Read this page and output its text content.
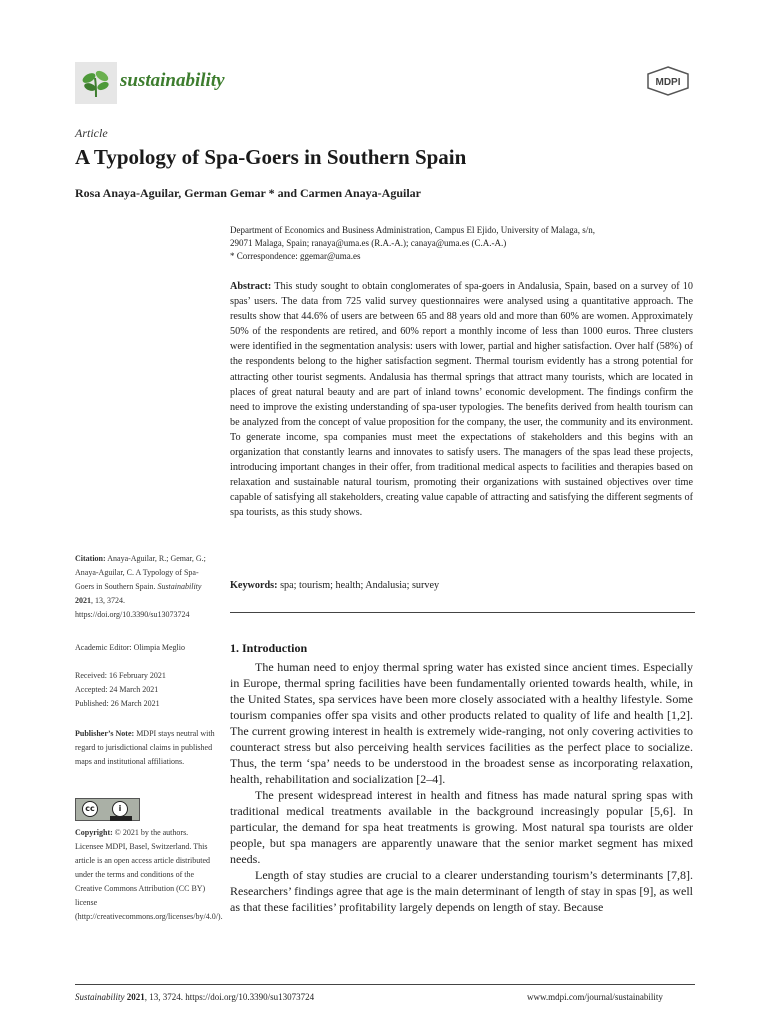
sustainability	MDPI
Article
A Typology of Spa-Goers in Southern Spain
Rosa Anaya-Aguilar, German Gemar * and Carmen Anaya-Aguilar
Department of Economics and Business Administration, Campus El Ejido, University of Malaga, s/n,
29071 Malaga, Spain; ranaya@uma.es (R.A.-A.); canaya@uma.es (C.A.-A.)
* Correspondence: ggemar@uma.es
Abstract: This study sought to obtain conglomerates of spa-goers in Andalusia, Spain, based on a survey of 10 spas’ users. The data from 725 valid survey questionnaires were analysed using a quantitative approach. The results show that 44.6% of users are between 65 and 88 years old and more than 60% are women. Approximately 50% of the respondents are retired, and 60% report a monthly income of less than 1000 euros. Three clusters were identified in the segmentation analysis: users with lower, partial and higher satisfaction. Over half (58%) of the respondents belong to the higher satisfaction segment. Thermal tourism evidently has a strong potential for attracting other tourist segments. Andalusia has thermal springs that attract many tourists, which are located in places of great natural beauty and are part of inland towns’ economic development. The findings confirm the need to improve the existing understanding of spa-user typologies. The benefits derived from health tourism can be analyzed from the concept of value proposition for the company, the user, the community and its environment. To generate income, spa companies must meet the expectations of stakeholders and this begins with an organization that constantly learns and innovates to satisfy users. The managers of the spas lead these projects, introducing important changes in their offer, from traditional medical aspects to facilities and therapies based on relaxation and sustainable natural tourism, promoting their organizations with sustained objectives over time capable of satisfying all stakeholders, creating value capable of attracting and satisfying the different segments of spa tourists, as this study shows.
Keywords: spa; tourism; health; Andalusia; survey
Citation: Anaya-Aguilar, R.; Gemar, G.; Anaya-Aguilar, C. A Typology of Spa-Goers in Southern Spain. Sustainability 2021, 13, 3724. https://doi.org/10.3390/su13073724
Academic Editor: Olimpia Meglio
Received: 16 February 2021
Accepted: 24 March 2021
Published: 26 March 2021
Publisher’s Note: MDPI stays neutral with regard to jurisdictional claims in published maps and institutional affiliations.
cc	i
Copyright: © 2021 by the authors. Licensee MDPI, Basel, Switzerland. This article is an open access article distributed under the terms and conditions of the Creative Commons Attribution (CC BY) license (http://creativecommons.org/licenses/by/4.0/).
1. Introduction

The human need to enjoy thermal spring water has existed since ancient times. Especially in Europe, thermal spring facilities have been fundamentally oriented towards health, while, in the United States, spa services have been more closely associated with a healthy lifestyle. Some tourism companies offer spa visits and other products related to quality of life and health [1,2]. The current growing interest in health is extremely wide-ranging, not only covering activities to counteract stress but also perceiving health services facilities as the perfect place to socialize. Thus, the term ‘spa’ needs to be understood in the broadest sense as incorporating relaxation, health, rehabilitation and socialization [2–4].

The present widespread interest in health and fitness has made natural spring spas with traditional medical treatments available in the background increasingly popular [5,6]. In particular, the demand for spa heat treatments is growing. Most natural spa tourists are older people, but spa managers are apparently unaware that the senior market segment has mixed needs.

Length of stay studies are crucial to a clearer understanding tourism’s determinants [7,8]. Researchers’ findings agree that age is the main determinant of length of stay in spas [9], as well as that these facilities’ profitability largely depends on length of stay. Because

Sustainability 2021, 13, 3724. https://doi.org/10.3390/su13073724	www.mdpi.com/journal/sustainability
